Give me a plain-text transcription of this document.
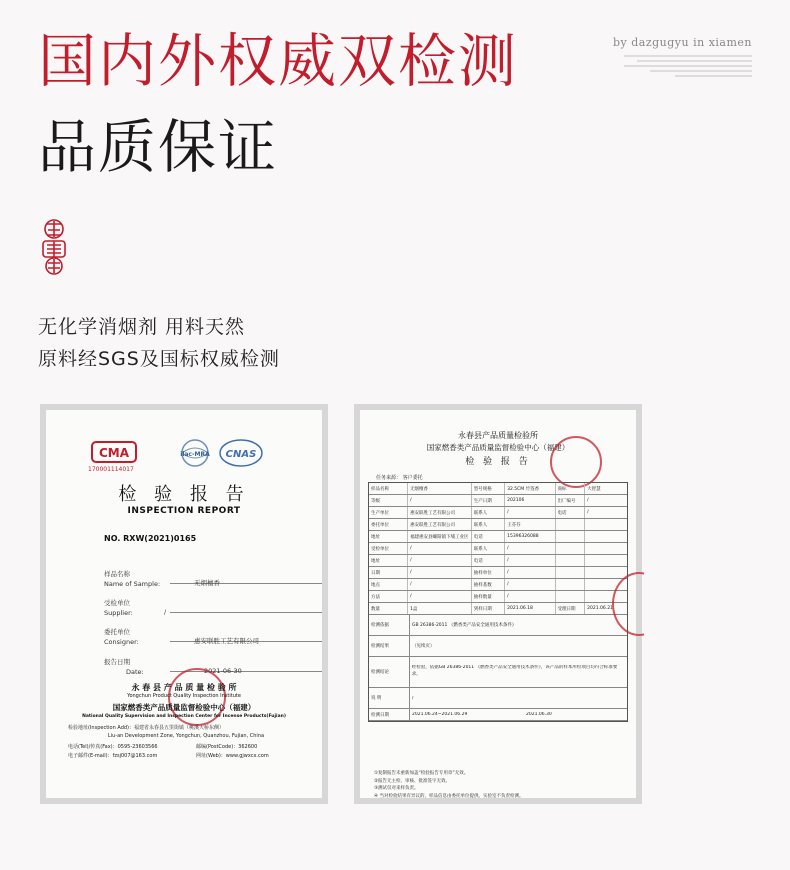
国内外权威双检测
品质保证
by dazgugyu in xiamen
无化学消烟剂 用料天然
原料经SGS及国标权威检测
CMA
170001114017
ilac-MRA CNAS
检 验 报 告
INSPECTION REPORT
NO. RXW(2021)0165
样品名称
Name of Sample:	无烟檀香
受检单位
Supplier:	/
委托单位
Consigner:	惠安联胜工艺有限公司
报告日期
Date:	2021-06-30
永 春 县 产 品 质 量 检 验 所
Yongchun Product Quality Inspection Institute
国家燃香类产品质量监督检验中心（福建）
National Quality Supervision and Inspection Center for Incense Products(Fujian)
检验地址(Inspection Add)：福建省永春县五里街镇（桃溪大桥东侧）
Liu-an Development Zone, Yongchun, Quanzhou, Fujian, China
电话(Tel)/传真(Fax)：0595-23603566	邮编(PostCode)：362600
电子邮件(E-mail)：fzsj007@163.com	网址(Web)：www.gjwxcx.com
永春县产品质量检验所
国家燃香类产品质量监督检验中心（福建）
检 验 报 告
任务来源： 客户委托
样品名称	无烟檀香	型号规格	32.5CM 竹签香	商标	大智慧
等级	/	生产日期	202106	出厂编号	/
生产单位	惠安联胜工艺有限公司	联系人	/	电话	/
委托单位	惠安联胜工艺有限公司	联系人	王芬芬
地址	福建惠安县螺阳镇下埔工业区	电话	15396326088
受检单位	/	联系人	/
地址	/	电话	/
日期	/	抽样单位	/
地点	/	抽样基数	/
方法	/	抽样数量	/
数量	1盒	到样日期	2021.06.18	受理日期	2021.06.21
检测依据	GB 26386-2011 《燃香类产品安全通用技术条件》
检测结果	（见续页）
检测结论
经检验，依据GB 26386-2011 《燃香类产品安全通用技术条件》，该产品的样本所检项目均符合标准要求。
说 明	/
检测日期	2021.06.24~2021.06.29	2021.06.30
①复制报告未重新加盖“检验报告专用章”无效。
②报告无主检、审核、批准签字无效。
③测试仅对来样负责。
④ 当对检验结果有异议的，样品信息由委托单位提供。实验室不负责检测。
